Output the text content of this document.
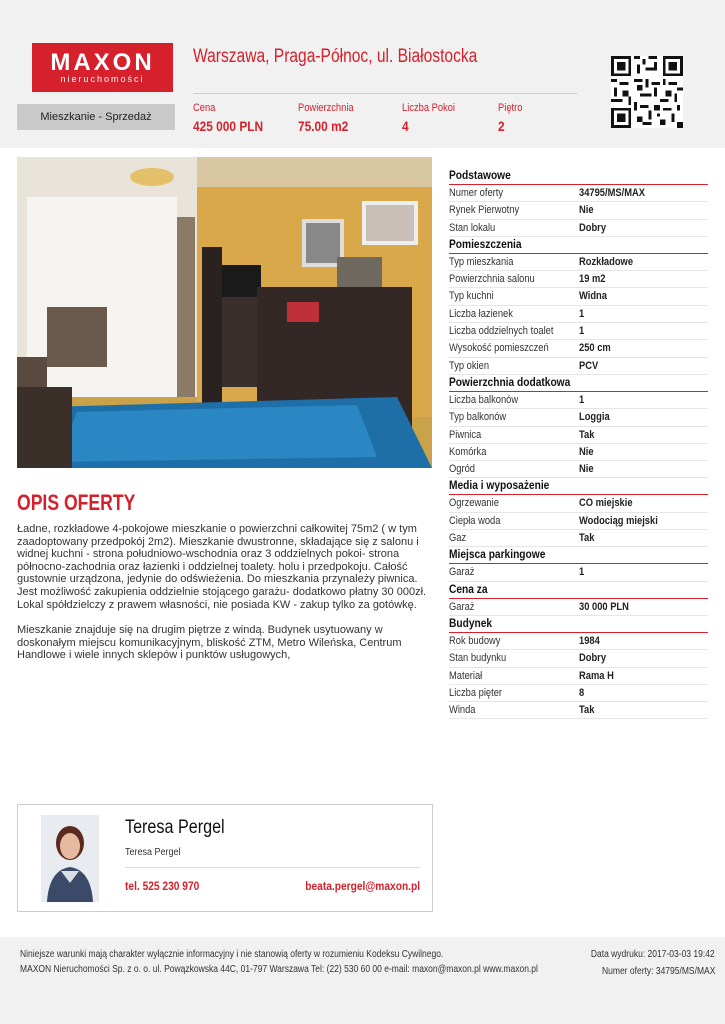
MAXON
nieruchomości
Warszawa, Praga-Północ, ul. Białostocka
Mieszkanie - Sprzedaż
Cena
425 000 PLN
Powierzchnia
75.00 m2
Liczba Pokoi
4
Piętro
2
OPIS OFERTY

Ładne, rozkładowe 4-pokojowe mieszkanie o powierzchni całkowitej 75m2 ( w tym zaadoptowany przedpokój 2m2). Mieszkanie dwustronne, składające się z salonu i widnej kuchni - strona południowo-wschodnia oraz 3 oddzielnych pokoi- strona północno-zachodnia oraz łazienki i oddzielnej toalety. holu i przedpokoju. Całość gustownie urządzona, jedynie do odświeżenia. Do mieszkania przynależy piwnica. Jest możliwość zakupienia oddzielnie stojącego garażu- dodatkowo płatny 30 000zł. Lokal spółdzielczy z prawem własności, nie posiada KW - zakup tylko za gotówkę.

Mieszkanie znajduje się na drugim piętrze z windą. Budynek usytuowany w doskonałym miejscu komunikacyjnym, bliskość ZTM, Metro Wileńska, Centrum Handlowe i wiele innych sklepów i punktów usługowych,

Podstawowe
Numer oferty	34795/MS/MAX
Rynek Pierwotny	Nie
Stan lokalu	Dobry
Pomieszczenia
Typ mieszkania	Rozkładowe
Powierzchnia salonu	19 m2
Typ kuchni	Widna
Liczba łazienek	1
Liczba oddzielnych toalet 1
Wysokość pomieszczeń	250 cm
Typ okien	PCV
Powierzchnia dodatkowa
Liczba balkonów	1
Typ balkonów	Loggia
Piwnica	Tak
Komórka	Nie
Ogród	Nie
Media i wyposażenie
Ogrzewanie	CO miejskie
Ciepła woda	Wodociąg miejski
Gaz	Tak
Miejsca parkingowe
Garaż	1
Cena za
Garaż	30 000 PLN
Budynek
Rok budowy	1984
Stan budynku	Dobry
Materiał	Rama H
Liczba pięter	8
Winda	Tak
Teresa Pergel
Teresa Pergel
tel. 525 230 970	beata.pergel@maxon.pl
Niniejsze warunki mają charakter wyłącznie informacyjny i nie stanowią oferty w rozumieniu Kodeksu Cywilnego.
MAXON Nieruchomości Sp. z o. o. ul. Powązkowska 44C, 01-797 Warszawa Tel: (22) 530 60 00 e-mail: maxon@maxon.pl www.maxon.pl
Data wydruku: 2017-03-03 19:42
Numer oferty: 34795/MS/MAX
